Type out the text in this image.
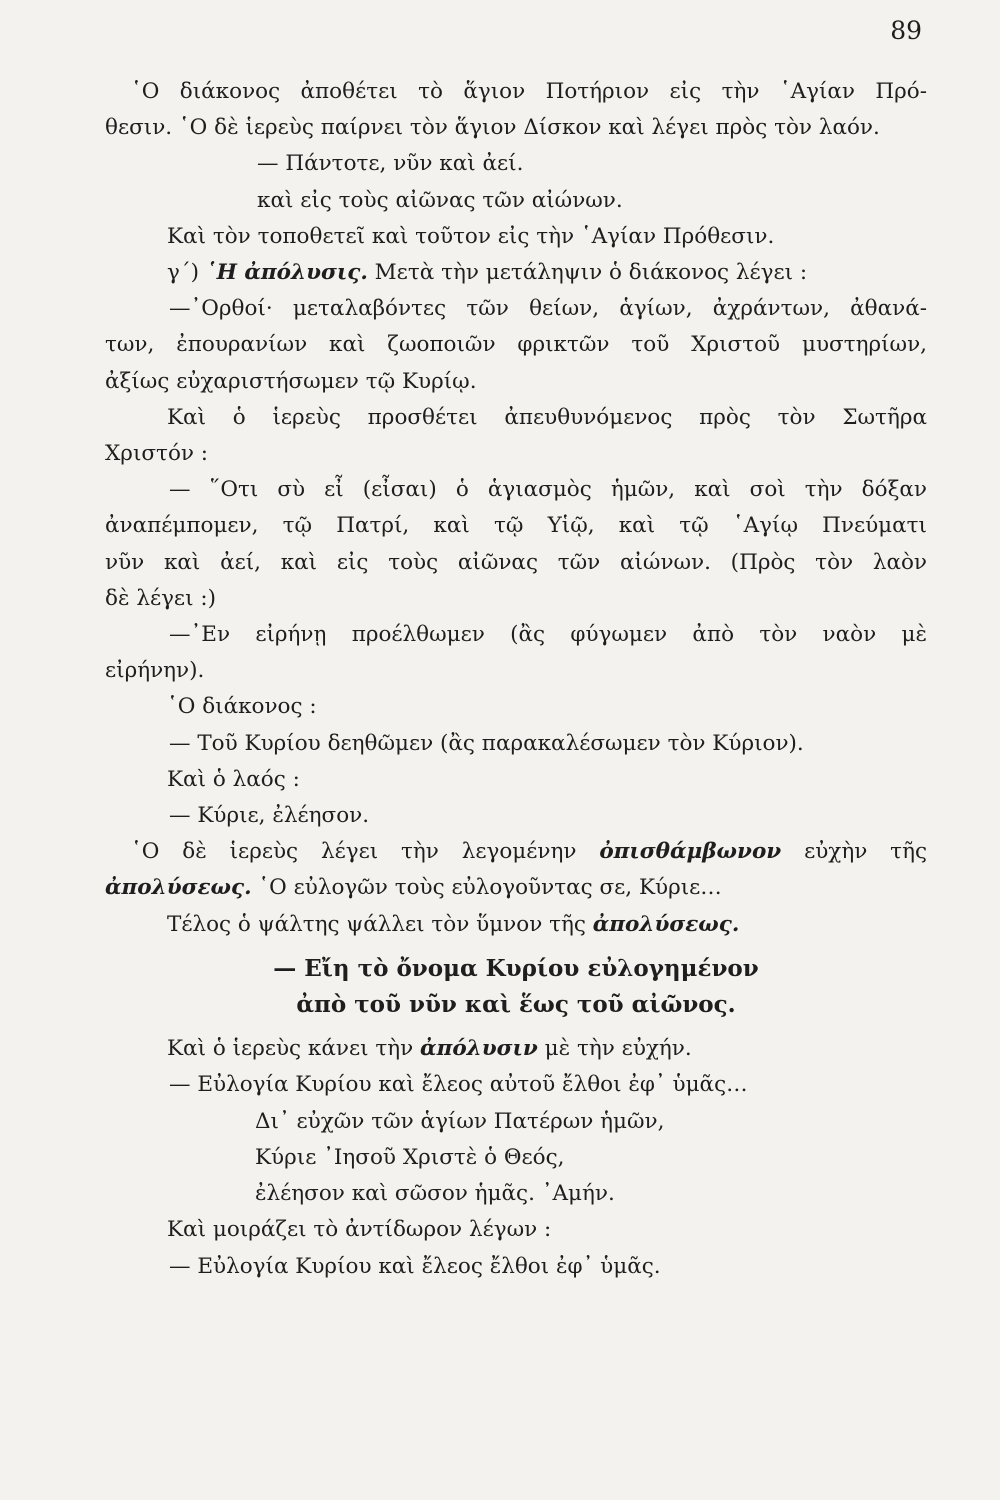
89
῾Ο διάκονος ἀποθέτει τὸ ἅγιον Ποτήριον εἰς τὴν ῾Αγίαν Πρό-
θεσιν. ῾Ο δὲ ἱερεὺς παίρνει τὸν ἅγιον Δίσκον καὶ λέγει πρὸς τὸν λαόν.
— Πάντοτε, νῦν καὶ ἀεί.
καὶ εἰς τοὺς αἰῶνας τῶν αἰώνων.
Καὶ τὸν τοποθετεῖ καὶ τοῦτον εἰς τὴν ῾Αγίαν Πρόθεσιν.
γ΄) ῾Η ἀπόλυσις. Μετὰ τὴν μετάληψιν ὁ διάκονος λέγει :
—᾿Ορθοί· μεταλαβόντες τῶν θείων, ἁγίων, ἀχράντων, ἀθανά-
των, ἐπουρανίων καὶ ζωοποιῶν φρικτῶν τοῦ Χριστοῦ μυστηρίων,
ἀξίως εὐχαριστήσωμεν τῷ Κυρίῳ.
Καὶ ὁ ἱερεὺς προσθέτει ἀπευθυνόμενος πρὸς τὸν Σωτῆρα
Χριστόν :
— ῞Οτι σὺ εἶ (εἶσαι) ὁ ἁγιασμὸς ἡμῶν, καὶ σοὶ τὴν δόξαν
ἀναπέμπομεν, τῷ Πατρί, καὶ τῷ Υἱῷ, καὶ τῷ ῾Αγίῳ Πνεύματι
νῦν καὶ ἀεί, καὶ εἰς τοὺς αἰῶνας τῶν αἰώνων. (Πρὸς τὸν λαὸν
δὲ λέγει :)
—᾿Εν εἰρήνῃ προέλθωμεν (ἂς φύγωμεν ἀπὸ τὸν ναὸν μὲ
εἰρήνην).
῾Ο διάκονος :
— Τοῦ Κυρίου δεηθῶμεν (ἂς παρακαλέσωμεν τὸν Κύριον).
Καὶ ὁ λαός :
— Κύριε, ἐλέησον.
῾Ο δὲ ἱερεὺς λέγει τὴν λεγομένην ὀπισθάμβωνον εὐχὴν τῆς
ἀπολύσεως. ῾Ο εὐλογῶν τοὺς εὐλογοῦντας σε, Κύριε…
Τέλος ὁ ψάλτης ψάλλει τὸν ὕμνον τῆς ἀπολύσεως.
— Εἴη τὸ ὄνομα Κυρίου εὐλογημένον
ἀπὸ τοῦ νῦν καὶ ἕως τοῦ αἰῶνος.
Καὶ ὁ ἱερεὺς κάνει τὴν ἀπόλυσιν μὲ τὴν εὐχήν.
— Εὐλογία Κυρίου καὶ ἔλεος αὐτοῦ ἔλθοι ἐφ᾿ ὑμᾶς…
Δι᾿ εὐχῶν τῶν ἁγίων Πατέρων ἡμῶν,
Κύριε ᾿Ιησοῦ Χριστὲ ὁ Θεός,
ἐλέησον καὶ σῶσον ἡμᾶς. ᾿Αμήν.
Καὶ μοιράζει τὸ ἀντίδωρον λέγων :
— Εὐλογία Κυρίου καὶ ἔλεος ἔλθοι ἐφ᾿ ὑμᾶς.
